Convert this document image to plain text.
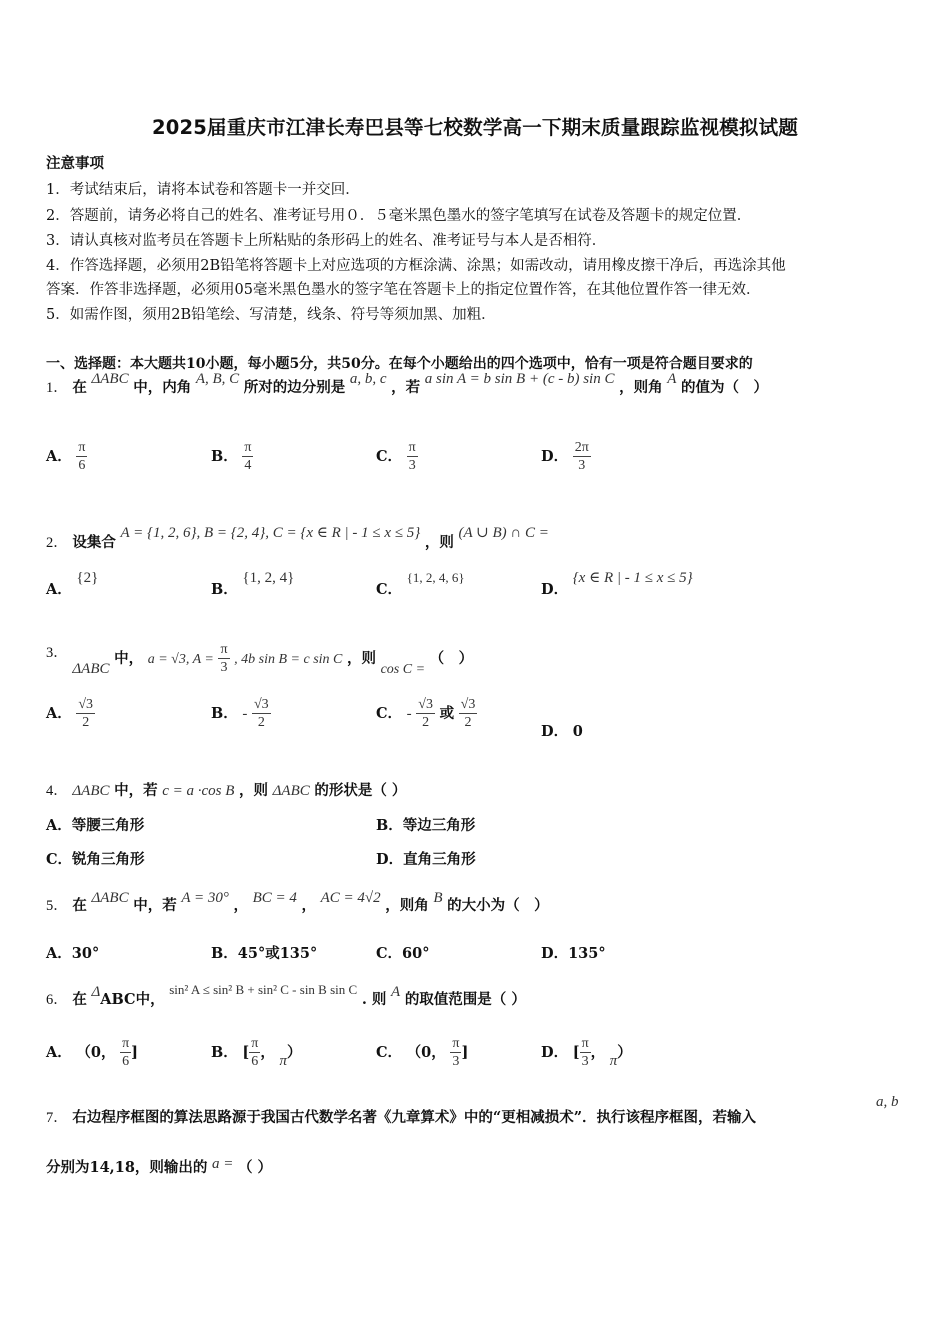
2025届重庆市江津长寿巴县等七校数学高一下期末质量跟踪监视模拟试题
注意事项
1．考试结束后，请将本试卷和答题卡一并交回．
2．答题前，请务必将自己的姓名、准考证号用０．５毫米黑色墨水的签字笔填写在试卷及答题卡的规定位置．
3．请认真核对监考员在答题卡上所粘贴的条形码上的姓名、准考证号与本人是否相符．
4．作答选择题，必须用2B铅笔将答题卡上对应选项的方框涂满、涂黑；如需改动，请用橡皮擦干净后，再选涂其他
答案．作答非选择题，必须用05毫米黑色墨水的签字笔在答题卡上的指定位置作答，在其他位置作答一律无效．
5．如需作图，须用2B铅笔绘、写清楚，线条、符号等须加黑、加粗．
一、选择题：本大题共10小题，每小题5分，共50分。在每个小题给出的四个选项中，恰有一项是符合题目要求的
1． 在 ΔABC 中，内角 A, B, C 所对的边分别是 a, b, c ，若 a sin A = b sin B + (c - b) sin C ，则角 A 的值为（　）
A． $\frac{\pi}{6}$	B． $\frac{\pi}{4}$	C． $\frac{\pi}{3}$	D． $\frac{2\pi}{3}$
2． 设集合 A = {1, 2, 6}, B = {2, 4}, C = {x ∈ R | - 1 ≤ x ≤ 5} ，则 (A ∪ B) ∩ C =
A． {2}
B． {1, 2, 4}
C． {1, 2, 4, 6}
D． {x ∈ R | - 1 ≤ x ≤ 5}
3． ΔABC 中， a = √3, $A = \frac{\pi}{3}$ , 4b sin B = c sin C ，则 cos C = （　）
A． $\frac{√3}{2}$	B． - $\frac{√3}{2}$	C． - $\frac{√3}{2}$ 或 $\frac{√3}{2}$
D． 0
4． ΔABC 中，若 c = a ·cos B ，则 ΔABC 的形状是（ ）
A．等腰三角形	B．等边三角形
C．锐角三角形	D．直角三角形
5． 在 ΔABC 中，若 A = 30° ， BC = 4 ， AC = 4√2 ，则角 B 的大小为（　）
A．30°	B．45°或135°	C．60°	D．135°
6． 在 ΔABC中， sin² A ≤ sin² B + sin² C - sin B sin C . 则 A 的取值范围是（ ）
A． （0， $\frac{\pi}{6}$ ]	B． [ $\frac{\pi}{6}$ ， π）	C． （0， $\frac{\pi}{3}$ ]	D． [ $\frac{\pi}{3}$ ， π）
7． 右边程序框图的算法思路源于我国古代数学名著《九章算术》中的“更相减损术”．执行该程序框图，若输入
a, b
分别为14,18，则输出的 a = （ ）
